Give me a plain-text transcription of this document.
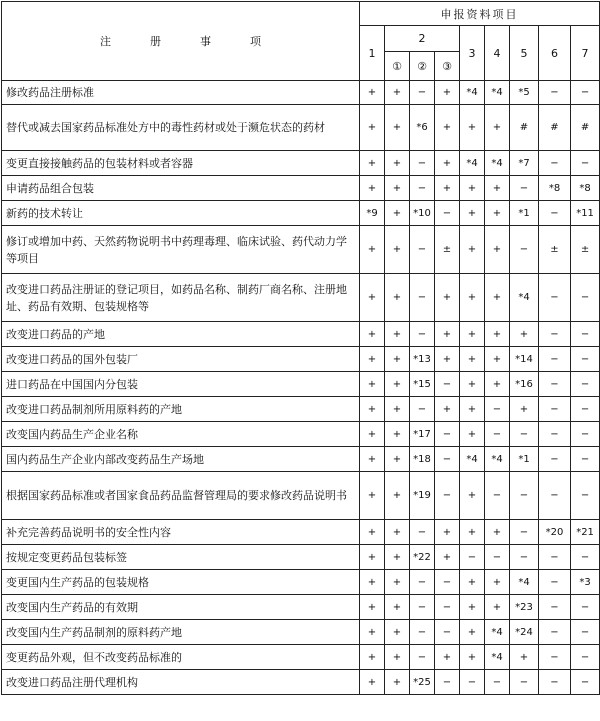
注　册　事　项	申报资料项目								
	1	2			3	4	5	6	7
		①	②	③					
修改药品注册标准	+	+	−	+	*4	*4	*5	−	−
替代或减去国家药品标准处方中的毒性药材或处于濒危状态的药材	+	+	*6	+	+	+	#	#	#
变更直接接触药品的包装材料或者容器	+	+	−	+	*4	*4	*7	−	−
申请药品组合包装	+	+	−	+	+	+	−	*8	*8
新药的技术转让	*9	+	*10	−	+	+	*1	−	*11
修订或增加中药、天然药物说明书中药理毒理、临床试验、药代动力学等项目	+	+	−	±	+	+	−	±	±
改变进口药品注册证的登记项目，如药品名称、制药厂商名称、注册地址、药品有效期、包装规格等	+	+	−	+	+	+	*4	−	−
改变进口药品的产地	+	+	−	+	+	+	+	−	−
改变进口药品的国外包装厂	+	+	*13	+	+	+	*14	−	−
进口药品在中国国内分包装	+	+	*15	−	+	+	*16	−	−
改变进口药品制剂所用原料药的产地	+	+	−	+	+	−	+	−	−
改变国内药品生产企业名称	+	+	*17	−	+	−	−	−	−
国内药品生产企业内部改变药品生产场地	+	+	*18	−	*4	*4	*1	−	−
根据国家药品标准或者国家食品药品监督管理局的要求修改药品说明书	+	+	*19	−	+	−	−	−	−
补充完善药品说明书的安全性内容	+	+	−	+	+	+	−	*20	*21
按规定变更药品包装标签	+	+	*22	+	−	−	−	−	−
变更国内生产药品的包装规格	+	+	−	−	+	+	*4	−	*3
改变国内生产药品的有效期	+	+	−	−	+	+	*23	−	−
改变国内生产药品制剂的原料药产地	+	+	−	−	+	*4	*24	−	−
变更药品外观，但不改变药品标准的	+	+	−	+	+	*4	+	−	−
改变进口药品注册代理机构	+	+	*25	−	−	−	−	−	−
